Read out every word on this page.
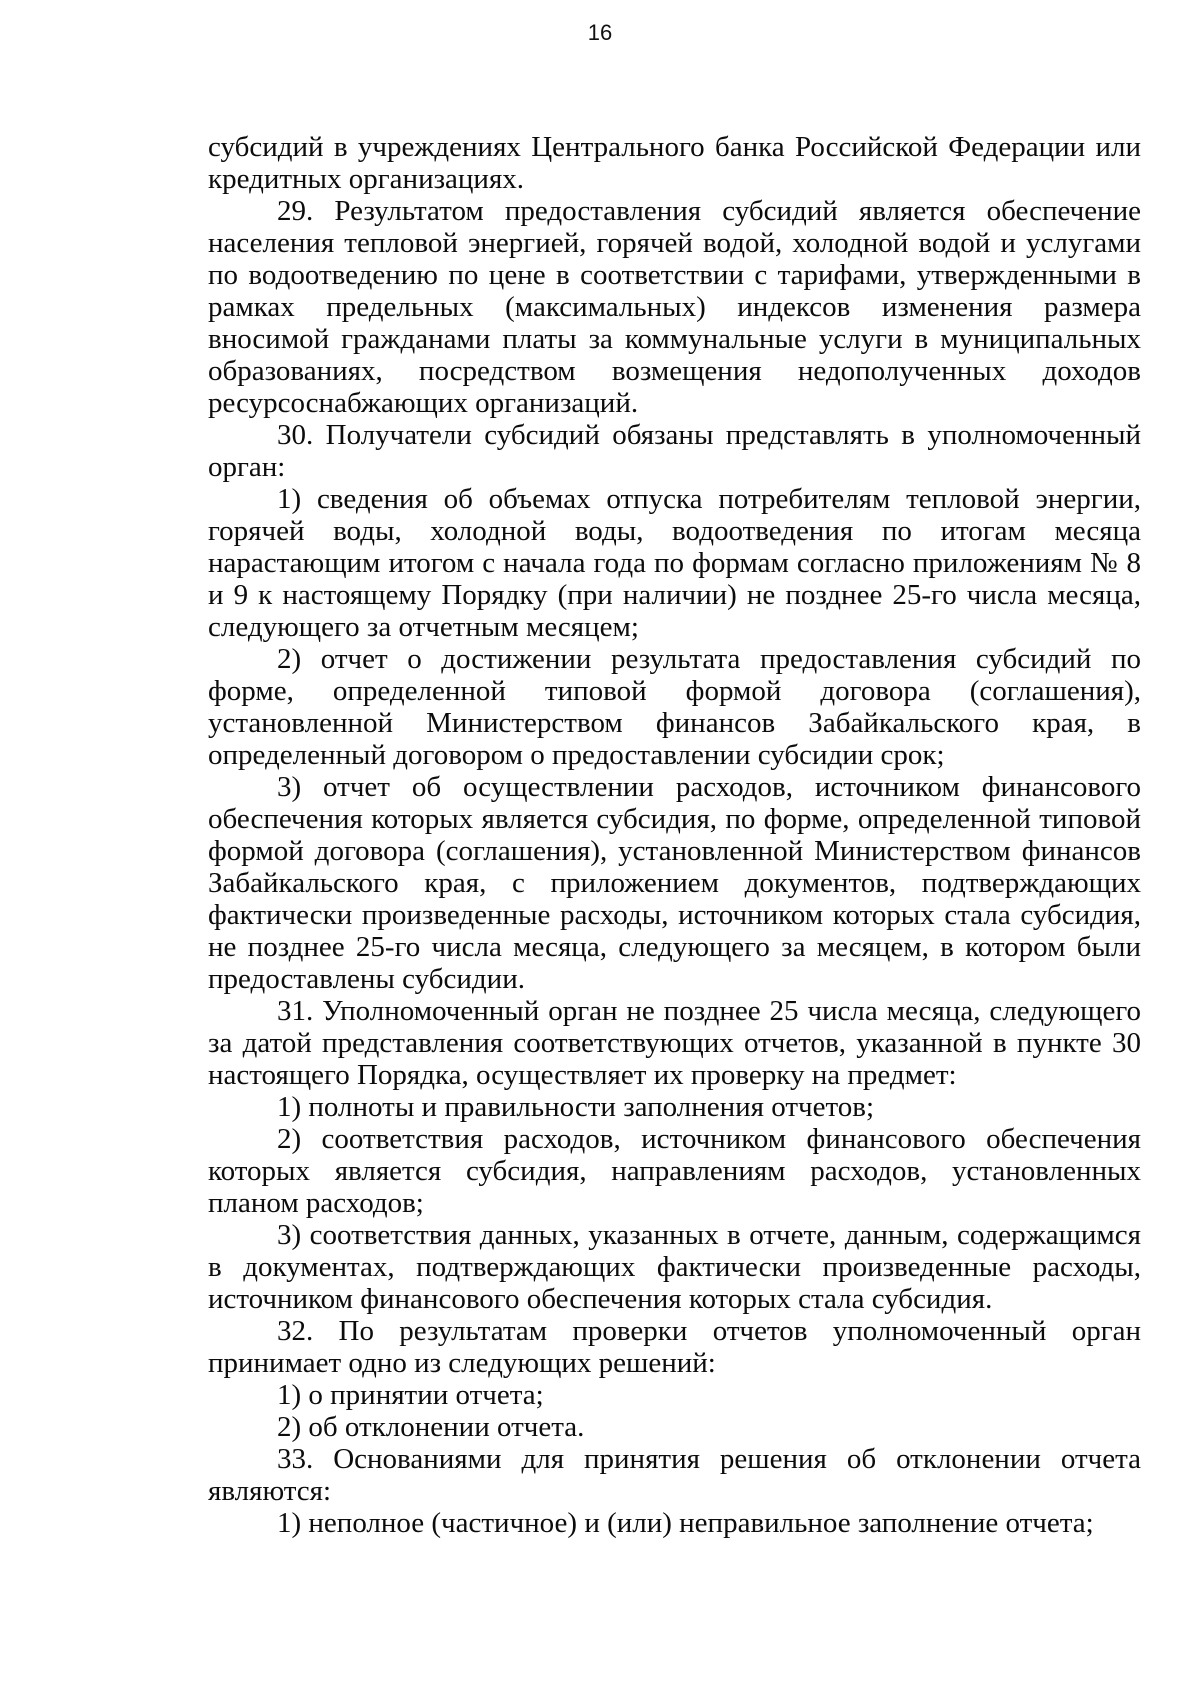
16

субсидий в учреждениях Центрального банка Российской Федерации или кредитных организациях.

29. Результатом предоставления субсидий является обеспечение населения тепловой энергией, горячей водой, холодной водой и услугами по водоотведению по цене в соответствии с тарифами, утвержденными в рамках предельных (максимальных) индексов изменения размера вносимой гражданами платы за коммунальные услуги в муниципальных образованиях, посредством возмещения недополученных доходов ресурсоснабжающих организаций.

30. Получатели субсидий обязаны представлять в уполномоченный орган:

1) сведения об объемах отпуска потребителям тепловой энергии, горячей воды, холодной воды, водоотведения по итогам месяца нарастающим итогом с начала года по формам согласно приложениям № 8 и 9 к настоящему Порядку (при наличии) не позднее 25-го числа месяца, следующего за отчетным месяцем;

2) отчет о достижении результата предоставления субсидий по форме, определенной типовой формой договора (соглашения), установленной Министерством финансов Забайкальского края, в определенный договором о предоставлении субсидии срок;

3) отчет об осуществлении расходов, источником финансового обеспечения которых является субсидия, по форме, определенной типовой формой договора (соглашения), установленной Министерством финансов Забайкальского края, с приложением документов, подтверждающих фактически произведенные расходы, источником которых стала субсидия, не позднее 25-го числа месяца, следующего за месяцем, в котором были предоставлены субсидии.

31. Уполномоченный орган не позднее 25 числа месяца, следующего за датой представления соответствующих отчетов, указанной в пункте 30 настоящего Порядка, осуществляет их проверку на предмет:

1) полноты и правильности заполнения отчетов;

2) соответствия расходов, источником финансового обеспечения которых является субсидия, направлениям расходов, установленных планом расходов;

3) соответствия данных, указанных в отчете, данным, содержащимся в документах, подтверждающих фактически произведенные расходы, источником финансового обеспечения которых стала субсидия.

32. По результатам проверки отчетов уполномоченный орган принимает одно из следующих решений:

1) о принятии отчета;

2) об отклонении отчета.

33. Основаниями для принятия решения об отклонении отчета являются:

1) неполное (частичное) и (или) неправильное заполнение отчета;
